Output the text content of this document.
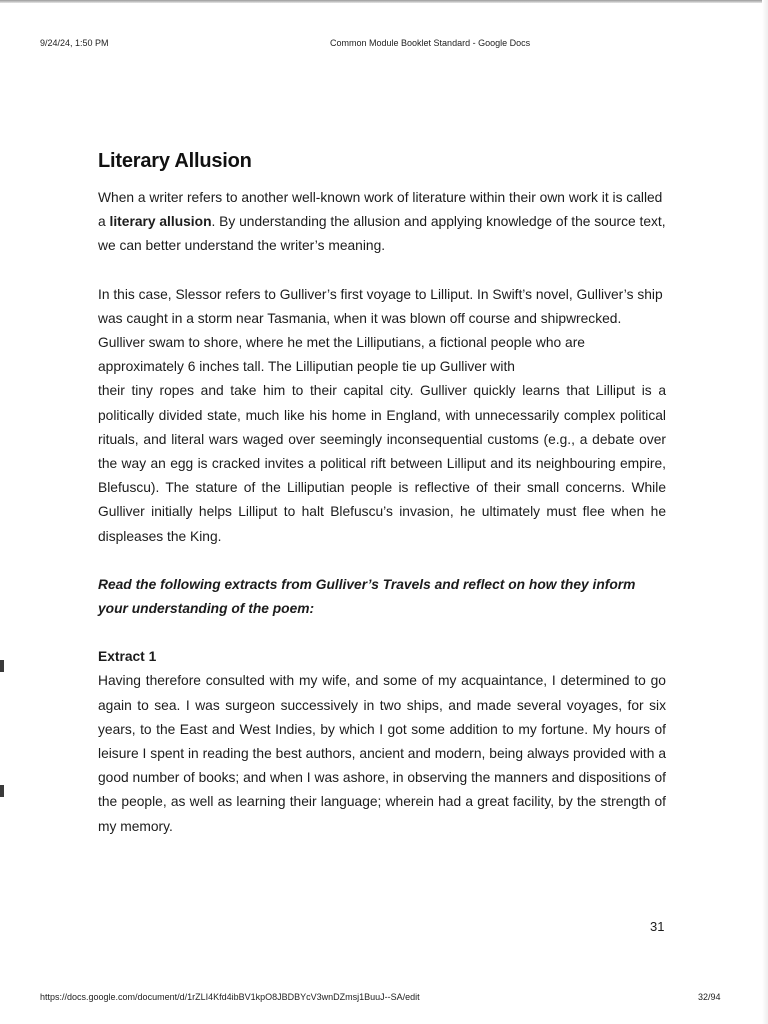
9/24/24, 1:50 PM	Common Module Booklet Standard - Google Docs
Literary Allusion

When a writer refers to another well-known work of literature within their own work it is called a literary allusion. By understanding the allusion and applying knowledge of the source text, we can better understand the writer’s meaning.

In this case, Slessor refers to Gulliver’s first voyage to Lilliput. In Swift’s novel, Gulliver’s ship was caught in a storm near Tasmania, when it was blown off course and shipwrecked. Gulliver swam to shore, where he met the Lilliputians, a fictional people who are approximately 6 inches tall. The Lilliputian people tie up Gulliver with

their tiny ropes and take him to their capital city. Gulliver quickly learns that Lilliput is a politically divided state, much like his home in England, with unnecessarily complex political rituals, and literal wars waged over seemingly inconsequential customs (e.g., a debate over the way an egg is cracked invites a political rift between Lilliput and its neighbouring empire, Blefuscu). The stature of the Lilliputian people is reflective of their small concerns. While Gulliver initially helps Lilliput to halt Blefuscu’s invasion, he ultimately must flee when he displeases the King.

Read the following extracts from Gulliver’s Travels and reflect on how they inform your understanding of the poem:

Extract 1

Having therefore consulted with my wife, and some of my acquaintance, I determined to go again to sea. I was surgeon successively in two ships, and made several voyages, for six years, to the East and West Indies, by which I got some addition to my fortune. My hours of leisure I spent in reading the best authors, ancient and modern, being always provided with a good number of books; and when I was ashore, in observing the manners and dispositions of the people, as well as learning their language; wherein had a great facility, by the strength of my memory.

31
https://docs.google.com/document/d/1rZLI4Kfd4ibBV1kpO8JBDBYcV3wnDZmsj1BuuJ--SA/edit	32/94
